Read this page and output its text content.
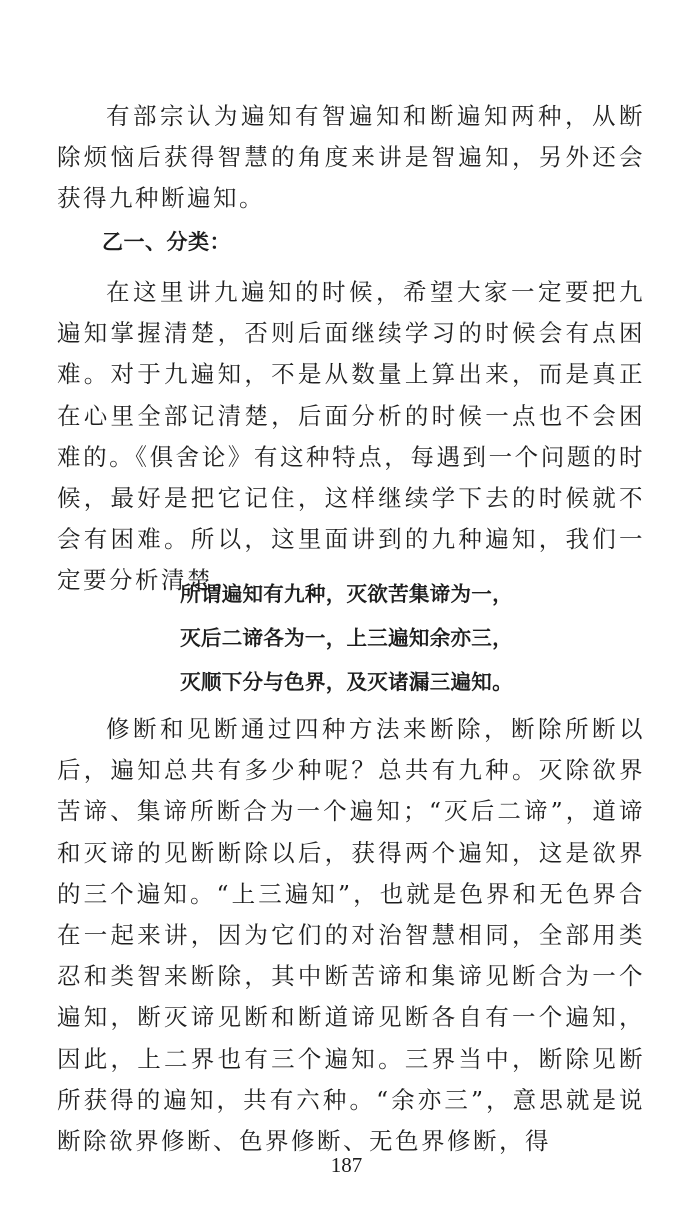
有部宗认为遍知有智遍知和断遍知两种，从断除烦恼后获得智慧的角度来讲是智遍知，另外还会获得九种断遍知。

乙一、分类：

在这里讲九遍知的时候，希望大家一定要把九遍知掌握清楚，否则后面继续学习的时候会有点困难。对于九遍知，不是从数量上算出来，而是真正在心里全部记清楚，后面分析的时候一点也不会困难的。《俱舍论》有这种特点，每遇到一个问题的时候，最好是把它记住，这样继续学下去的时候就不会有困难。所以，这里面讲到的九种遍知，我们一定要分析清楚。

所谓遍知有九种，灭欲苦集谛为一，

灭后二谛各为一，上三遍知余亦三，

灭顺下分与色界，及灭诸漏三遍知。

修断和见断通过四种方法来断除，断除所断以后，遍知总共有多少种呢？总共有九种。灭除欲界苦谛、集谛所断合为一个遍知；“灭后二谛”，道谛和灭谛的见断断除以后，获得两个遍知，这是欲界的三个遍知。“上三遍知”，也就是色界和无色界合在一起来讲，因为它们的对治智慧相同，全部用类忍和类智来断除，其中断苦谛和集谛见断合为一个遍知，断灭谛见断和断道谛见断各自有一个遍知，因此，上二界也有三个遍知。三界当中，断除见断所获得的遍知，共有六种。“余亦三”，意思就是说断除欲界修断、色界修断、无色界修断，得

187
